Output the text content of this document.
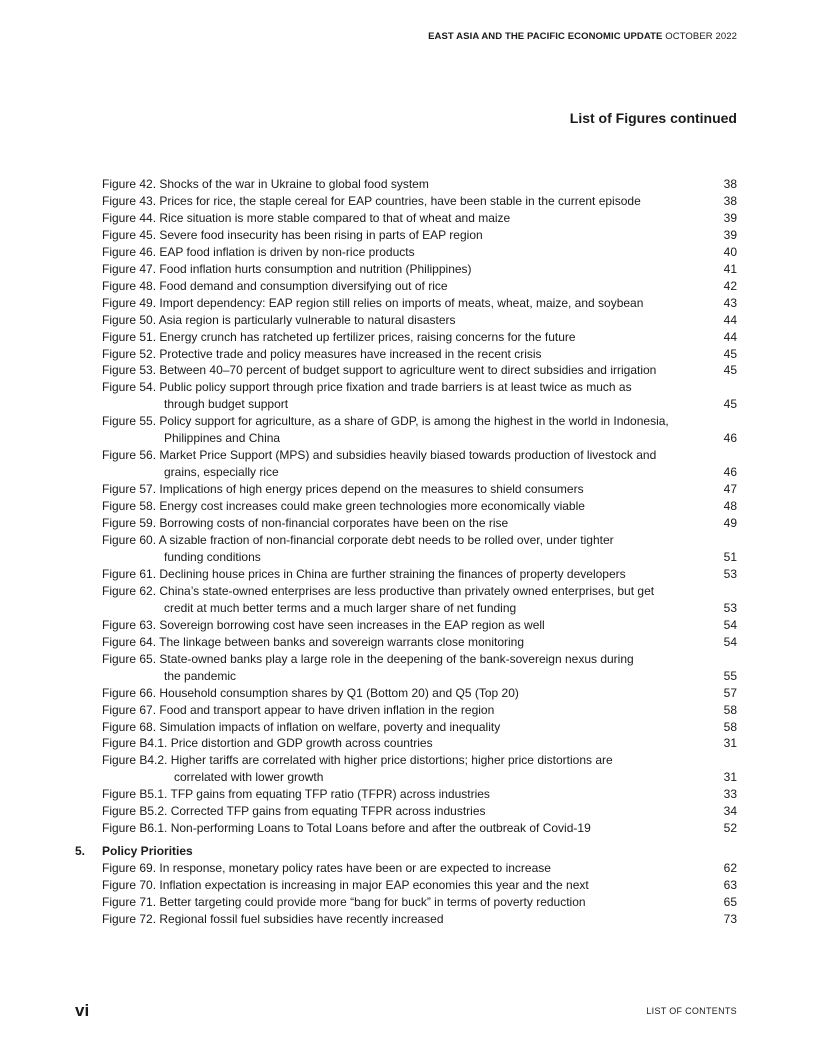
EAST ASIA AND THE PACIFIC ECONOMIC UPDATE OCTOBER 2022
List of Figures continued
Figure 42. Shocks of the war in Ukraine to global food system	38
Figure 43. Prices for rice, the staple cereal for EAP countries, have been stable in the current episode	38
Figure 44. Rice situation is more stable compared to that of wheat and maize	39
Figure 45. Severe food insecurity has been rising in parts of EAP region	39
Figure 46. EAP food inflation is driven by non-rice products	40
Figure 47. Food inflation hurts consumption and nutrition (Philippines)	41
Figure 48. Food demand and consumption diversifying out of rice	42
Figure 49. Import dependency: EAP region still relies on imports of meats, wheat, maize, and soybean	43
Figure 50. Asia region is particularly vulnerable to natural disasters	44
Figure 51. Energy crunch has ratcheted up fertilizer prices, raising concerns for the future	44
Figure 52. Protective trade and policy measures have increased in the recent crisis	45
Figure 53. Between 40–70 percent of budget support to agriculture went to direct subsidies and irrigation	45
Figure 54. Public policy support through price fixation and trade barriers is at least twice as much as
through budget support	45
Figure 55. Policy support for agriculture, as a share of GDP, is among the highest in the world in Indonesia,
Philippines and China	46
Figure 56. Market Price Support (MPS) and subsidies heavily biased towards production of livestock and
grains, especially rice	46
Figure 57. Implications of high energy prices depend on the measures to shield consumers	47
Figure 58. Energy cost increases could make green technologies more economically viable	48
Figure 59. Borrowing costs of non-financial corporates have been on the rise	49
Figure 60. A sizable fraction of non-financial corporate debt needs to be rolled over, under tighter
funding conditions	51
Figure 61. Declining house prices in China are further straining the finances of property developers	53
Figure 62. China’s state-owned enterprises are less productive than privately owned enterprises, but get
credit at much better terms and a much larger share of net funding	53
Figure 63. Sovereign borrowing cost have seen increases in the EAP region as well	54
Figure 64. The linkage between banks and sovereign warrants close monitoring	54
Figure 65. State-owned banks play a large role in the deepening of the bank-sovereign nexus during
the pandemic	55
Figure 66. Household consumption shares by Q1 (Bottom 20) and Q5 (Top 20)	57
Figure 67. Food and transport appear to have driven inflation in the region	58
Figure 68. Simulation impacts of inflation on welfare, poverty and inequality	58
Figure B4.1. Price distortion and GDP growth across countries	31
Figure B4.2. Higher tariffs are correlated with higher price distortions; higher price distortions are
correlated with lower growth	31
Figure B5.1. TFP gains from equating TFP ratio (TFPR) across industries	33
Figure B5.2. Corrected TFP gains from equating TFPR across industries	34
Figure B6.1. Non-performing Loans to Total Loans before and after the outbreak of Covid-19	52
5. Policy Priorities
Figure 69. In response, monetary policy rates have been or are expected to increase	62
Figure 70. Inflation expectation is increasing in major EAP economies this year and the next	63
Figure 71. Better targeting could provide more “bang for buck” in terms of poverty reduction	65
Figure 72. Regional fossil fuel subsidies have recently increased	73
vi	LIST OF CONTENTS
